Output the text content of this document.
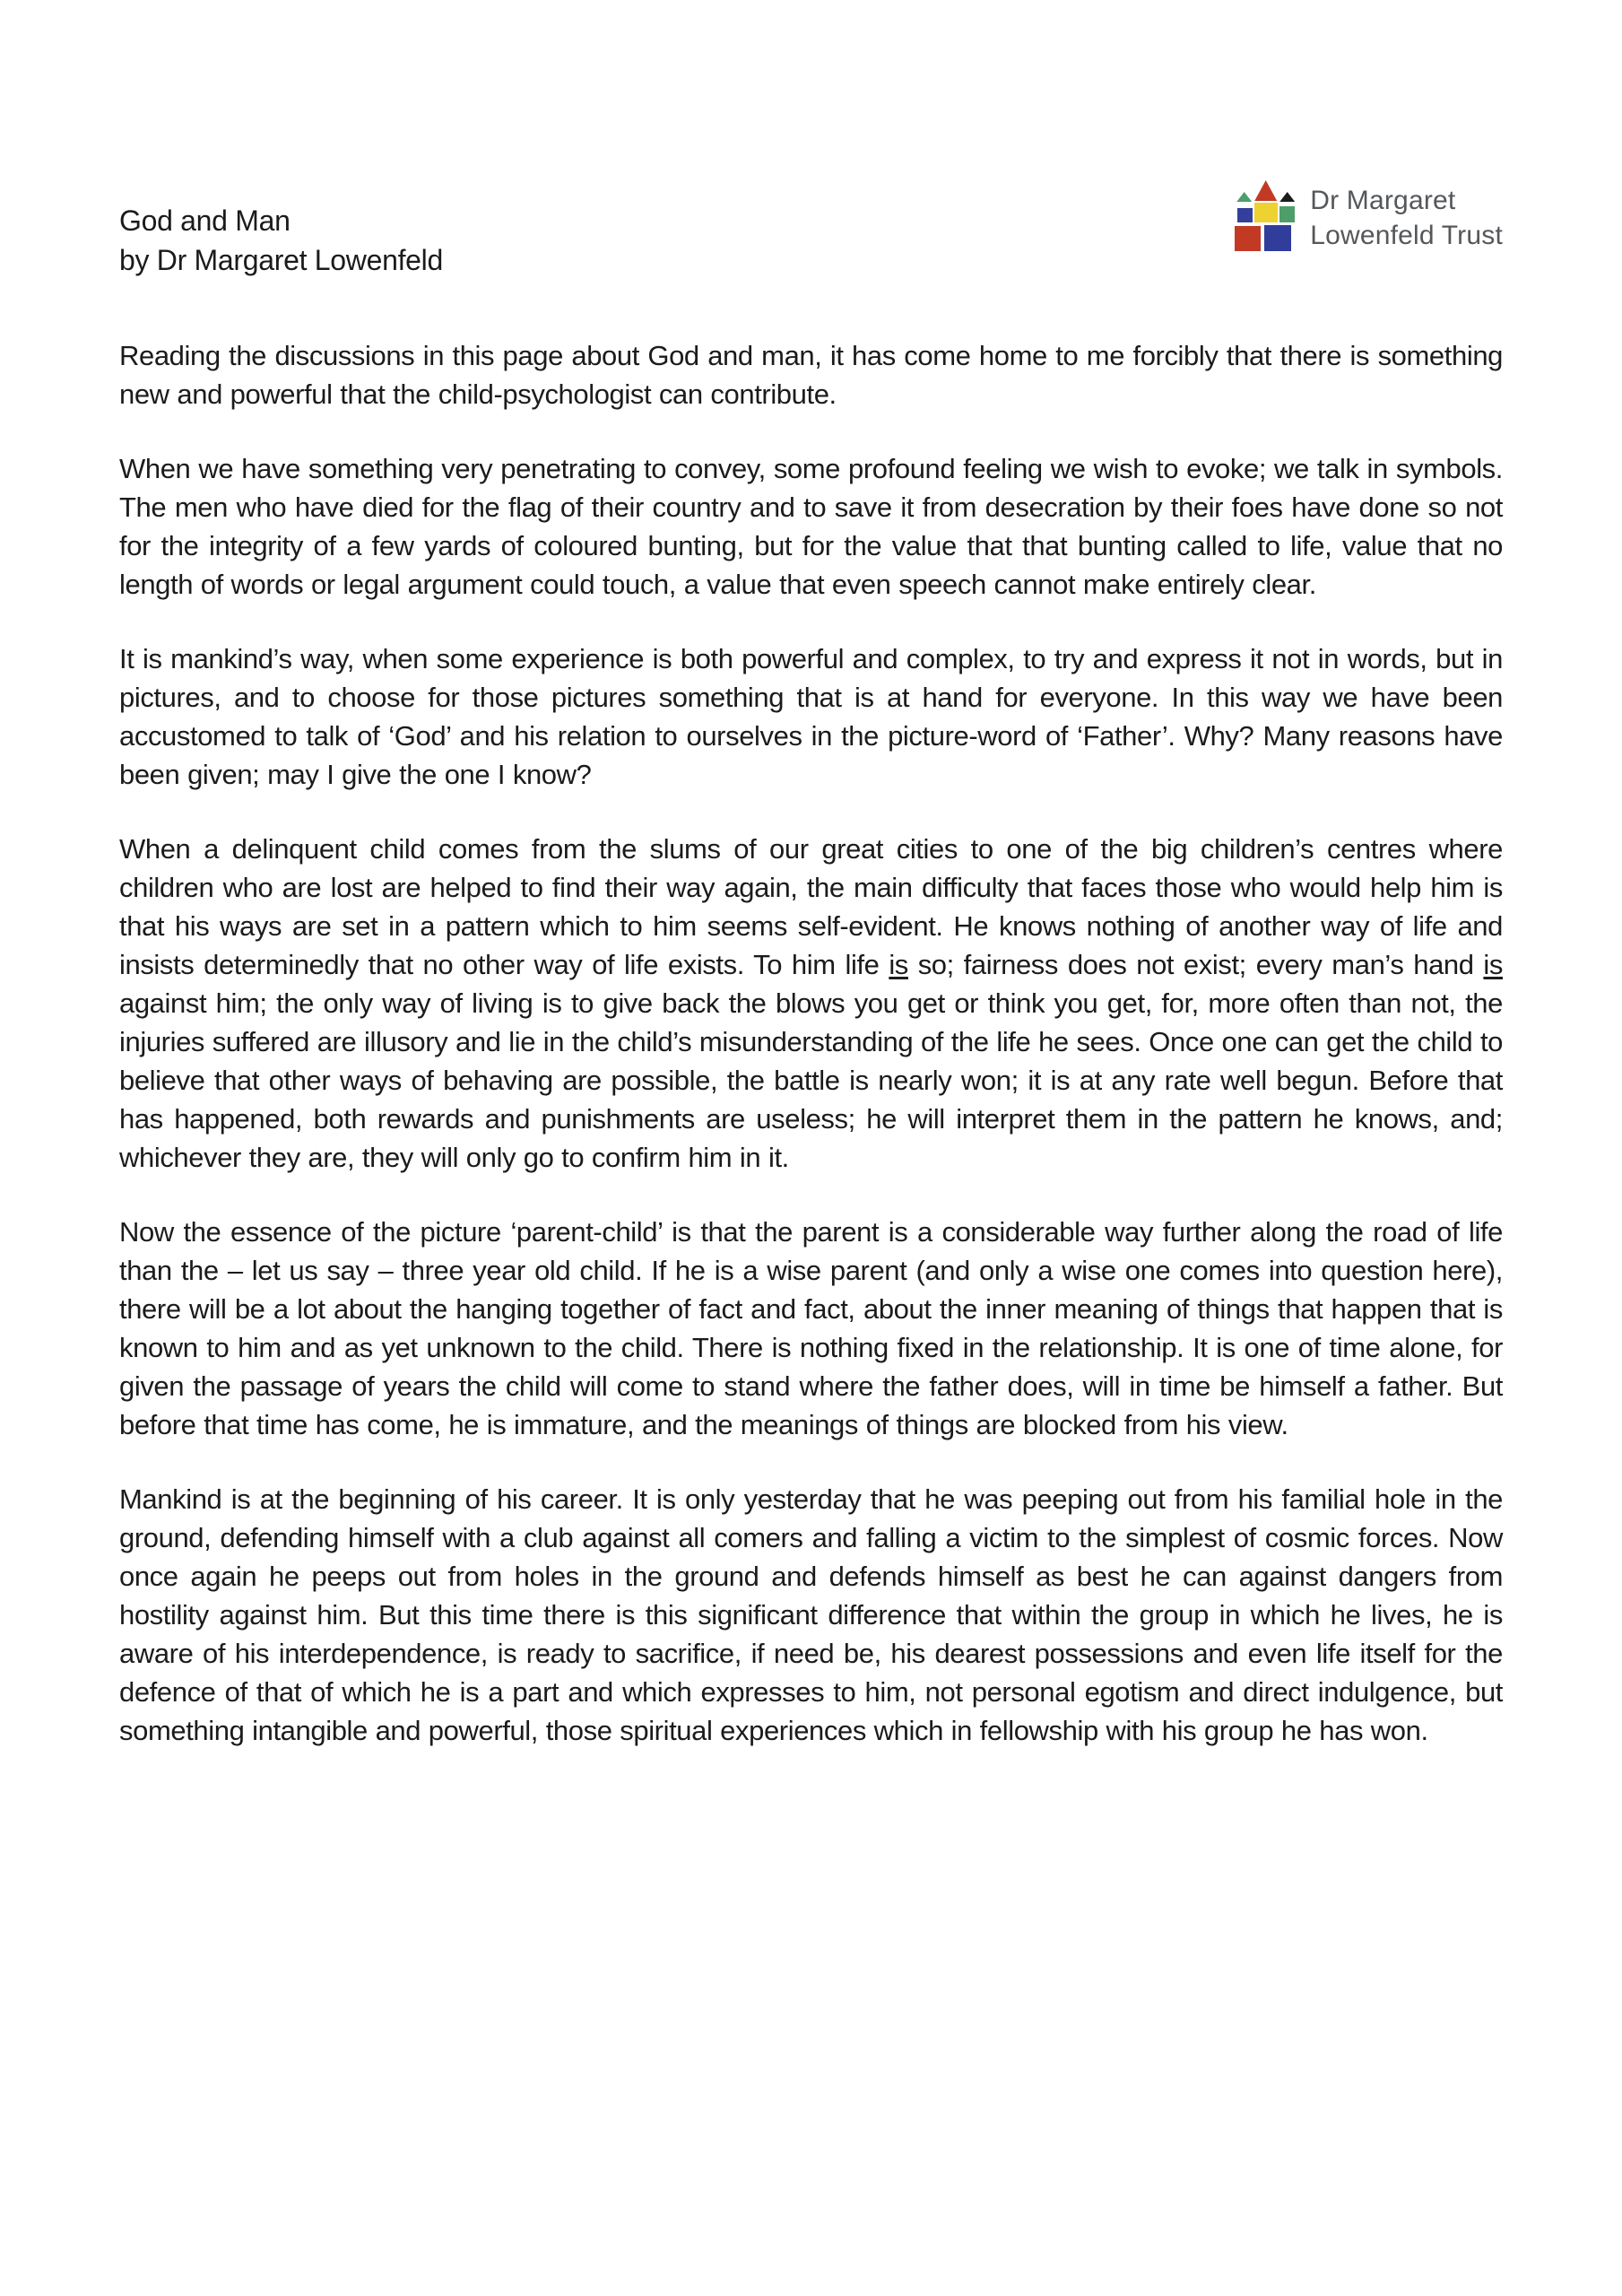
God and Man
by Dr Margaret Lowenfeld
Dr Margaret
Lowenfeld Trust

Reading the discussions in this page about God and man, it has come home to me forcibly that there is something new and powerful that the child-psychologist can contribute.

When we have something very penetrating to convey, some profound feeling we wish to evoke; we talk in symbols. The men who have died for the flag of their country and to save it from desecration by their foes have done so not for the integrity of a few yards of coloured bunting, but for the value that that bunting called to life, value that no length of words or legal argument could touch, a value that even speech cannot make entirely clear.

It is mankind’s way, when some experience is both powerful and complex, to try and express it not in words, but in pictures, and to choose for those pictures something that is at hand for everyone. In this way we have been accustomed to talk of ‘God’ and his relation to ourselves in the picture-word of ‘Father’. Why? Many reasons have been given; may I give the one I know?

When a delinquent child comes from the slums of our great cities to one of the big children’s centres where children who are lost are helped to find their way again, the main difficulty that faces those who would help him is that his ways are set in a pattern which to him seems self-evident. He knows nothing of another way of life and insists determinedly that no other way of life exists. To him life is so; fairness does not exist; every man’s hand is against him; the only way of living is to give back the blows you get or think you get, for, more often than not, the injuries suffered are illusory and lie in the child’s misunderstanding of the life he sees. Once one can get the child to believe that other ways of behaving are possible, the battle is nearly won; it is at any rate well begun. Before that has happened, both rewards and punishments are useless; he will interpret them in the pattern he knows, and; whichever they are, they will only go to confirm him in it.

Now the essence of the picture ‘parent-child’ is that the parent is a considerable way further along the road of life than the – let us say – three year old child. If he is a wise parent (and only a wise one comes into question here), there will be a lot about the hanging together of fact and fact, about the inner meaning of things that happen that is known to him and as yet unknown to the child. There is nothing fixed in the relationship. It is one of time alone, for given the passage of years the child will come to stand where the father does, will in time be himself a father. But before that time has come, he is immature, and the meanings of things are blocked from his view.

Mankind is at the beginning of his career. It is only yesterday that he was peeping out from his familial hole in the ground, defending himself with a club against all comers and falling a victim to the simplest of cosmic forces. Now once again he peeps out from holes in the ground and defends himself as best he can against dangers from hostility against him. But this time there is this significant difference that within the group in which he lives, he is aware of his interdependence, is ready to sacrifice, if need be, his dearest possessions and even life itself for the defence of that of which he is a part and which expresses to him, not personal egotism and direct indulgence, but something intangible and powerful, those spiritual experiences which in fellowship with his group he has won.
